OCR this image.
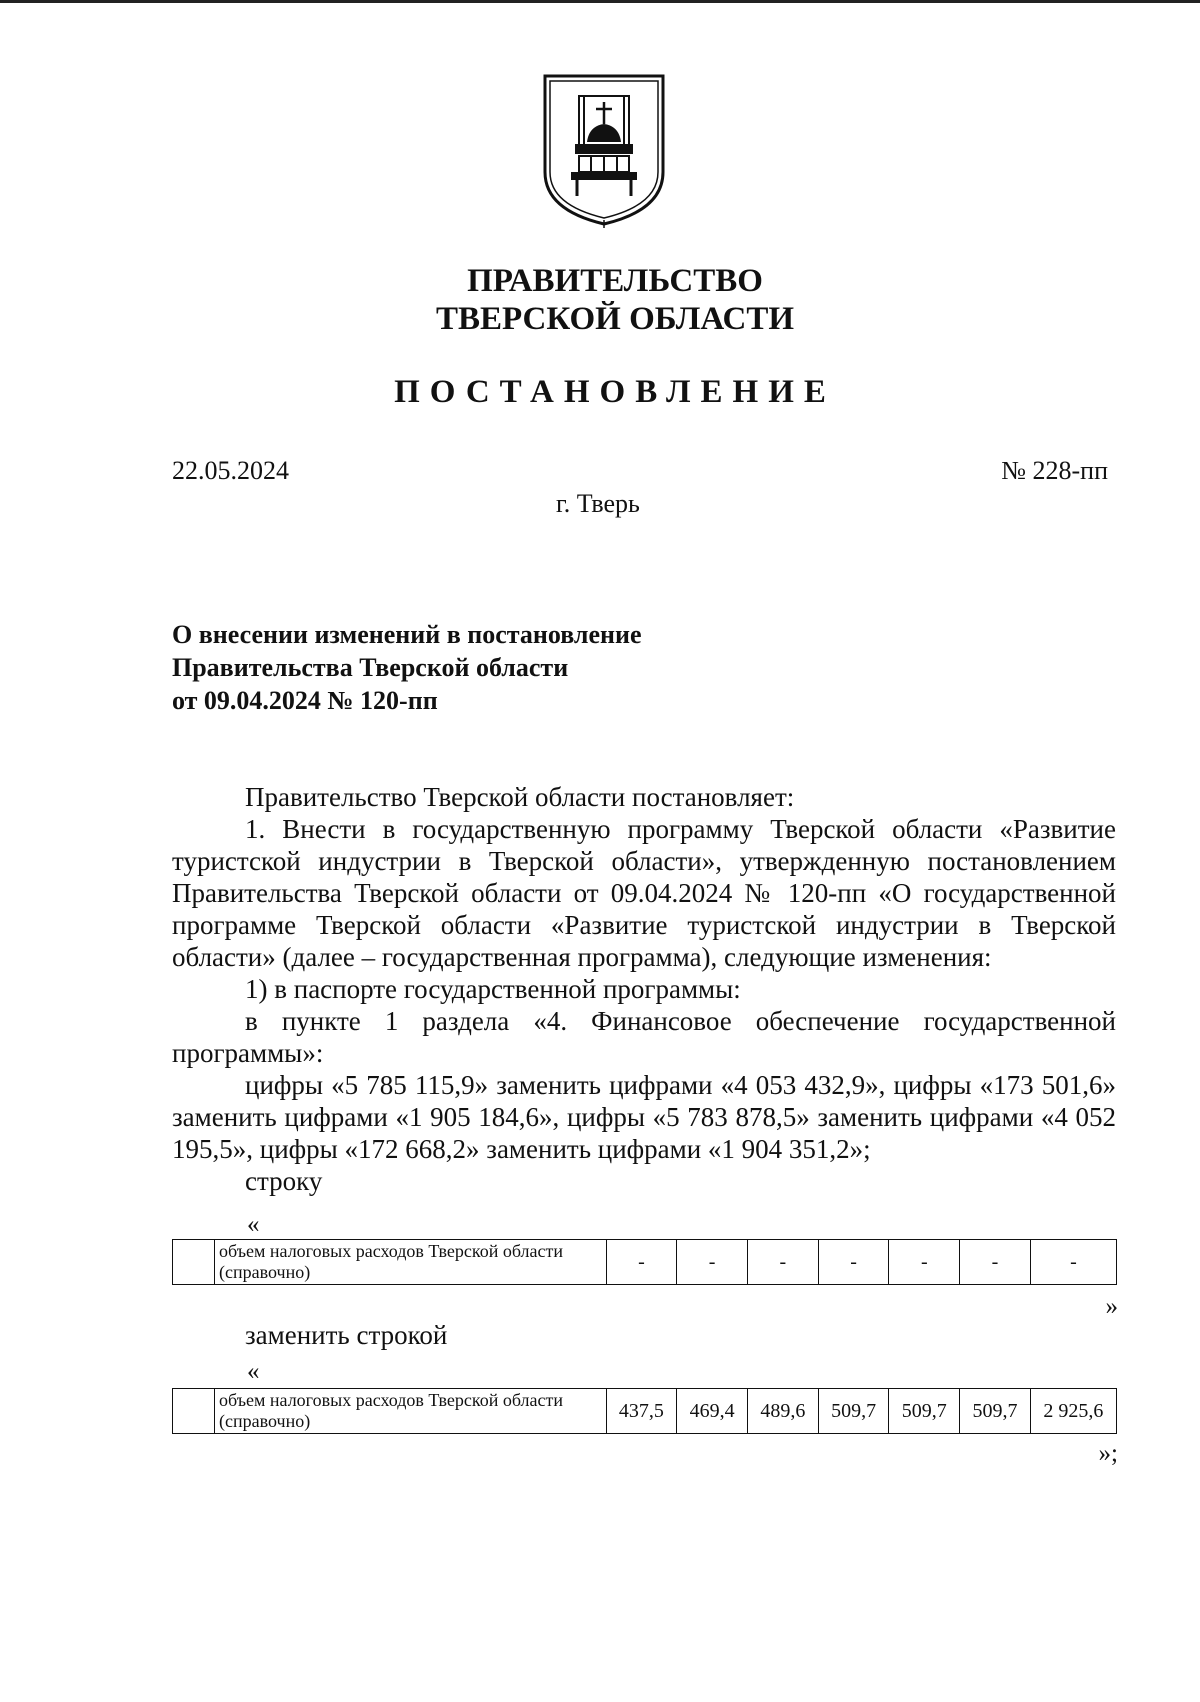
ПРАВИТЕЛЬСТВО
ТВЕРСКОЙ ОБЛАСТИ
ПОСТАНОВЛЕНИЕ
22.05.2024	№ 228-пп
г. Тверь
О внесении изменений в постановление
Правительства Тверской области
от 09.04.2024 № 120-пп

Правительство Тверской области постановляет:

1. Внести в государственную программу Тверской области «Развитие туристской индустрии в Тверской области», утвержденную постановлением Правительства Тверской области от 09.04.2024 № 120-пп «О государственной программе Тверской области «Развитие туристской индустрии в Тверской области» (далее – государственная программа), следующие изменения:

1) в паспорте государственной программы:

в пункте 1 раздела «4. Финансовое обеспечение государственной программы»:

цифры «5 785 115,9» заменить цифрами «4 053 432,9», цифры «173 501,6» заменить цифрами «1 905 184,6», цифры «5 783 878,5» заменить цифрами «4 052 195,5», цифры «172 668,2» заменить цифрами «1 904 351,2»;

строку

«
	объем налоговых расходов Тверской области (справочно)	-	-	-	-	-	-	-
»
заменить строкой
«
	объем налоговых расходов Тверской области (справочно)	437,5	469,4	489,6	509,7	509,7	509,7	2 925,6
»;
